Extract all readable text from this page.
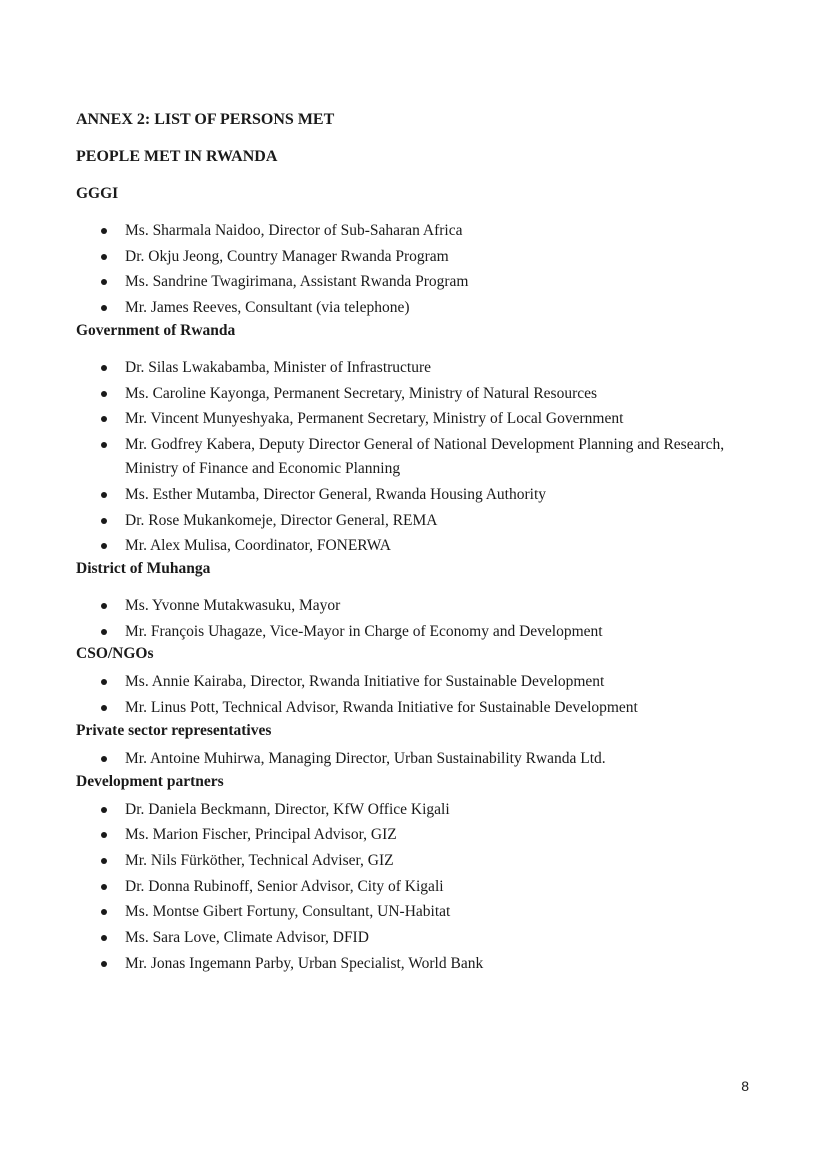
ANNEX 2: LIST OF PERSONS MET
PEOPLE MET IN RWANDA
GGGI
Ms. Sharmala Naidoo, Director of Sub-Saharan Africa
Dr. Okju Jeong, Country Manager Rwanda Program
Ms. Sandrine Twagirimana, Assistant Rwanda Program
Mr. James Reeves, Consultant (via telephone)
Government of Rwanda
Dr. Silas Lwakabamba, Minister of Infrastructure
Ms. Caroline Kayonga, Permanent Secretary, Ministry of Natural Resources
Mr. Vincent Munyeshyaka, Permanent Secretary, Ministry of Local Government
Mr. Godfrey Kabera, Deputy Director General of National Development Planning and Research, Ministry of Finance and Economic Planning
Ms. Esther Mutamba, Director General, Rwanda Housing Authority
Dr. Rose Mukankomeje, Director General, REMA
Mr. Alex Mulisa, Coordinator, FONERWA
District of Muhanga
Ms. Yvonne Mutakwasuku, Mayor
Mr. François Uhagaze, Vice-Mayor in Charge of Economy and Development
CSO/NGOs
Ms. Annie Kairaba, Director, Rwanda Initiative for Sustainable Development
Mr. Linus Pott, Technical Advisor, Rwanda Initiative for Sustainable Development
Private sector representatives
Mr. Antoine Muhirwa, Managing Director, Urban Sustainability Rwanda Ltd.
Development partners
Dr. Daniela Beckmann, Director, KfW Office Kigali
Ms. Marion Fischer, Principal Advisor, GIZ
Mr. Nils Fürköther, Technical Adviser, GIZ
Dr. Donna Rubinoff, Senior Advisor, City of Kigali
Ms. Montse Gibert Fortuny, Consultant, UN-Habitat
Ms. Sara Love, Climate Advisor, DFID
Mr. Jonas Ingemann Parby, Urban Specialist, World Bank
8
